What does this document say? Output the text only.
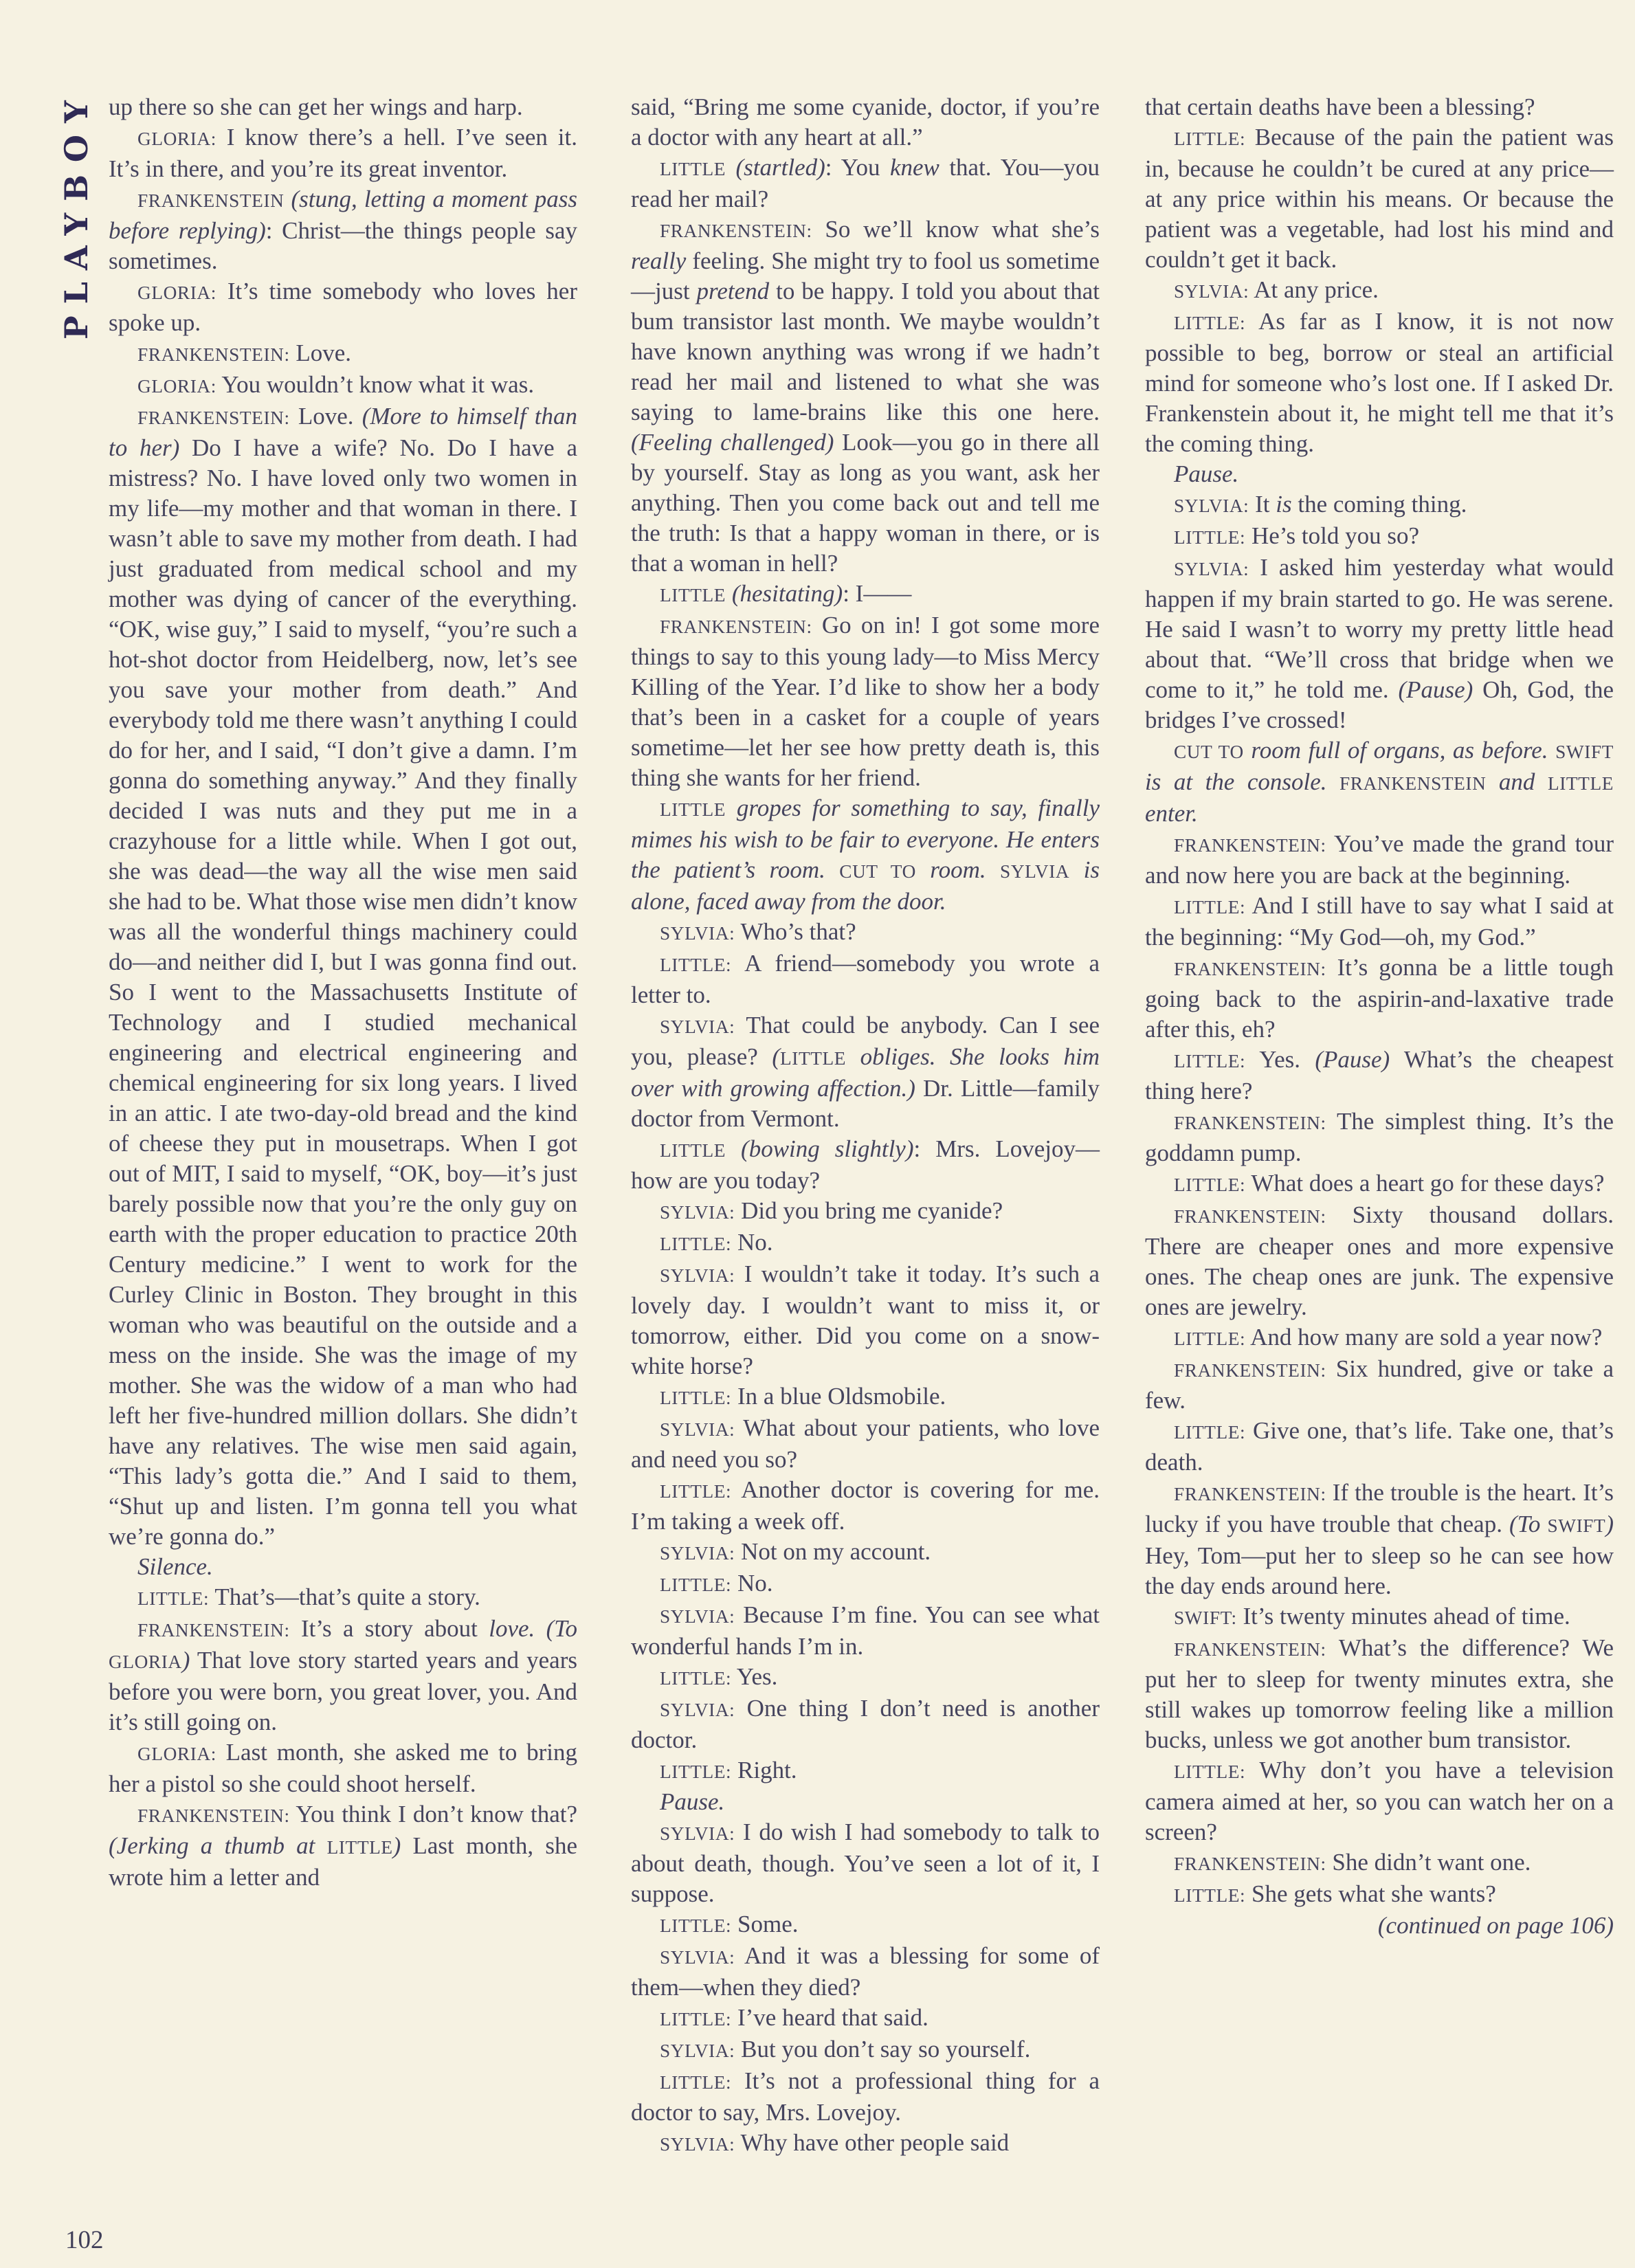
PLAYBOY up there so she can get her wings and harp.

GLORIA: I know there’s a hell. I’ve seen it. It’s in there, and you’re its great inventor.

FRANKENSTEIN (stung, letting a moment pass before replying): Christ—the things people say sometimes.

GLORIA: It’s time somebody who loves her spoke up.

FRANKENSTEIN: Love.

GLORIA: You wouldn’t know what it was.

FRANKENSTEIN: Love. (More to himself than to her) Do I have a wife? No. Do I have a mistress? No. I have loved only two women in my life—my mother and that woman in there. I wasn’t able to save my mother from death. I had just graduated from medical school and my mother was dying of cancer of the everything. “OK, wise guy,” I said to myself, “you’re such a hot-shot doctor from Heidelberg, now, let’s see you save your mother from death.” And everybody told me there wasn’t anything I could do for her, and I said, “I don’t give a damn. I’m gonna do something anyway.” And they finally decided I was nuts and they put me in a crazyhouse for a little while. When I got out, she was dead—the way all the wise men said she had to be. What those wise men didn’t know was all the wonderful things machinery could do—and neither did I, but I was gonna find out. So I went to the Massachusetts Institute of Technology and I studied mechanical engineering and electrical engineering and chemical engineering for six long years. I lived in an attic. I ate two-day-old bread and the kind of cheese they put in mousetraps. When I got out of MIT, I said to myself, “OK, boy—it’s just barely possible now that you’re the only guy on earth with the proper education to practice 20th Century medicine.” I went to work for the Curley Clinic in Boston. They brought in this woman who was beautiful on the outside and a mess on the inside. She was the image of my mother. She was the widow of a man who had left her five-hundred million dollars. She didn’t have any relatives. The wise men said again, “This lady’s gotta die.” And I said to them, “Shut up and listen. I’m gonna tell you what we’re gonna do.”

Silence.

LITTLE: That’s—that’s quite a story.

FRANKENSTEIN: It’s a story about love. (To GLORIA) That love story started years and years before you were born, you great lover, you. And it’s still going on.

GLORIA: Last month, she asked me to bring her a pistol so she could shoot herself.

FRANKENSTEIN: You think I don’t know that? (Jerking a thumb at LITTLE) Last month, she wrote him a letter and

said, “Bring me some cyanide, doctor, if you’re a doctor with any heart at all.”

LITTLE (startled): You knew that. You—you read her mail?

FRANKENSTEIN: So we’ll know what she’s really feeling. She might try to fool us sometime—just pretend to be happy. I told you about that bum transistor last month. We maybe wouldn’t have known anything was wrong if we hadn’t read her mail and listened to what she was saying to lame-brains like this one here. (Feeling challenged) Look—you go in there all by yourself. Stay as long as you want, ask her anything. Then you come back out and tell me the truth: Is that a happy woman in there, or is that a woman in hell?

LITTLE (hesitating): I——

FRANKENSTEIN: Go on in! I got some more things to say to this young lady—to Miss Mercy Killing of the Year. I’d like to show her a body that’s been in a casket for a couple of years sometime—let her see how pretty death is, this thing she wants for her friend.

LITTLE gropes for something to say, finally mimes his wish to be fair to everyone. He enters the patient’s room. CUT TO room. SYLVIA is alone, faced away from the door.

SYLVIA: Who’s that?

LITTLE: A friend—somebody you wrote a letter to.

SYLVIA: That could be anybody. Can I see you, please? (LITTLE obliges. She looks him over with growing affection.) Dr. Little—family doctor from Vermont.

LITTLE (bowing slightly): Mrs. Lovejoy—how are you today?

SYLVIA: Did you bring me cyanide?

LITTLE: No.

SYLVIA: I wouldn’t take it today. It’s such a lovely day. I wouldn’t want to miss it, or tomorrow, either. Did you come on a snow-white horse?

LITTLE: In a blue Oldsmobile.

SYLVIA: What about your patients, who love and need you so?

LITTLE: Another doctor is covering for me. I’m taking a week off.

SYLVIA: Not on my account.

LITTLE: No.

SYLVIA: Because I’m fine. You can see what wonderful hands I’m in.

LITTLE: Yes.

SYLVIA: One thing I don’t need is another doctor.

LITTLE: Right.

Pause.

SYLVIA: I do wish I had somebody to talk to about death, though. You’ve seen a lot of it, I suppose.

LITTLE: Some.

SYLVIA: And it was a blessing for some of them—when they died?

LITTLE: I’ve heard that said.

SYLVIA: But you don’t say so yourself.

LITTLE: It’s not a professional thing for a doctor to say, Mrs. Lovejoy.

SYLVIA: Why have other people said

that certain deaths have been a blessing?

LITTLE: Because of the pain the patient was in, because he couldn’t be cured at any price—at any price within his means. Or because the patient was a vegetable, had lost his mind and couldn’t get it back.

SYLVIA: At any price.

LITTLE: As far as I know, it is not now possible to beg, borrow or steal an artificial mind for someone who’s lost one. If I asked Dr. Frankenstein about it, he might tell me that it’s the coming thing.

Pause.

SYLVIA: It is the coming thing.

LITTLE: He’s told you so?

SYLVIA: I asked him yesterday what would happen if my brain started to go. He was serene. He said I wasn’t to worry my pretty little head about that. “We’ll cross that bridge when we come to it,” he told me. (Pause) Oh, God, the bridges I’ve crossed!

CUT TO room full of organs, as before. SWIFT is at the console. FRANKENSTEIN and LITTLE enter.

FRANKENSTEIN: You’ve made the grand tour and now here you are back at the beginning.

LITTLE: And I still have to say what I said at the beginning: “My God—oh, my God.”

FRANKENSTEIN: It’s gonna be a little tough going back to the aspirin-and-laxative trade after this, eh?

LITTLE: Yes. (Pause) What’s the cheapest thing here?

FRANKENSTEIN: The simplest thing. It’s the goddamn pump.

LITTLE: What does a heart go for these days?

FRANKENSTEIN: Sixty thousand dollars. There are cheaper ones and more expensive ones. The cheap ones are junk. The expensive ones are jewelry.

LITTLE: And how many are sold a year now?

FRANKENSTEIN: Six hundred, give or take a few.

LITTLE: Give one, that’s life. Take one, that’s death.

FRANKENSTEIN: If the trouble is the heart. It’s lucky if you have trouble that cheap. (To SWIFT) Hey, Tom—put her to sleep so he can see how the day ends around here.

SWIFT: It’s twenty minutes ahead of time.

FRANKENSTEIN: What’s the difference? We put her to sleep for twenty minutes extra, she still wakes up tomorrow feeling like a million bucks, unless we got another bum transistor.

LITTLE: Why don’t you have a television camera aimed at her, so you can watch her on a screen?

FRANKENSTEIN: She didn’t want one.

LITTLE: She gets what she wants?

(continued on page 106)

102
